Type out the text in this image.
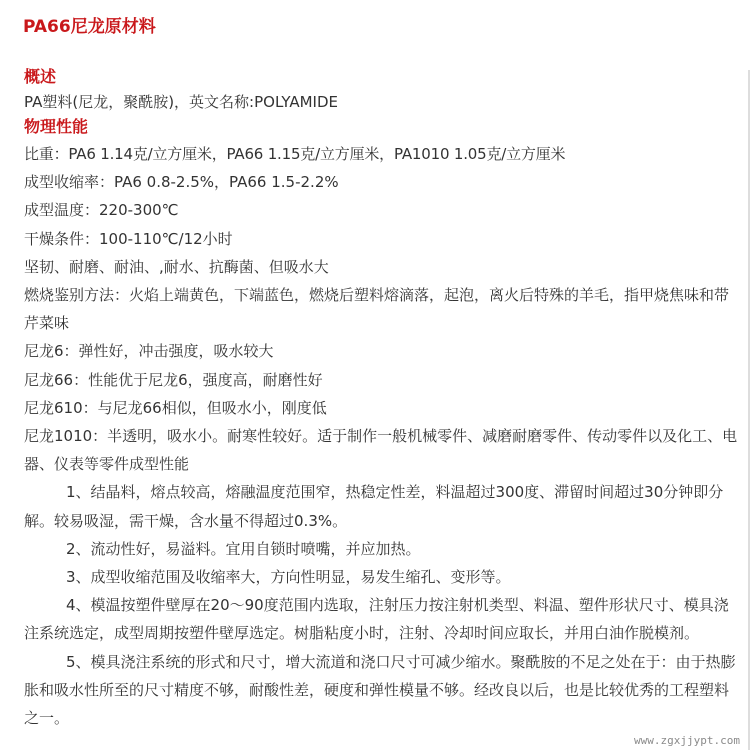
PA66尼龙原材料
概述
PA塑料(尼龙，聚酰胺)，英文名称:POLYAMIDE
物理性能
比重：PA6 1.14克/立方厘米，PA66 1.15克/立方厘米，PA1010 1.05克/立方厘米
成型收缩率：PA6 0.8-2.5%，PA66 1.5-2.2%
成型温度：220-300℃
干燥条件：100-110℃/12小时
坚韧、耐磨、耐油、,耐水、抗酶菌、但吸水大
燃烧鉴别方法：火焰上端黄色，下端蓝色，燃烧后塑料熔滴落，起泡，离火后特殊的羊毛，指甲烧焦味和带芹菜味
尼龙6：弹性好，冲击强度，吸水较大
尼龙66：性能优于尼龙6，强度高，耐磨性好
尼龙610：与尼龙66相似，但吸水小，刚度低
尼龙1010：半透明，吸水小。耐寒性较好。适于制作一般机械零件、减磨耐磨零件、传动零件以及化工、电器、仪表等零件成型性能
1、结晶料，熔点较高，熔融温度范围窄，热稳定性差，料温超过300度、滞留时间超过30分钟即分解。较易吸湿，需干燥，含水量不得超过0.3%。
2、流动性好，易溢料。宜用自锁时喷嘴，并应加热。
3、成型收缩范围及收缩率大，方向性明显，易发生缩孔、变形等。
4、模温按塑件壁厚在20～90度范围内选取，注射压力按注射机类型、料温、塑件形状尺寸、模具浇注系统选定，成型周期按塑件壁厚选定。树脂粘度小时，注射、冷却时间应取长，并用白油作脱模剂。
5、模具浇注系统的形式和尺寸，增大流道和浇口尺寸可减少缩水。聚酰胺的不足之处在于：由于热膨胀和吸水性所至的尺寸精度不够，耐酸性差，硬度和弹性模量不够。经改良以后，也是比较优秀的工程塑料之一。
www.zgxjjypt.com
